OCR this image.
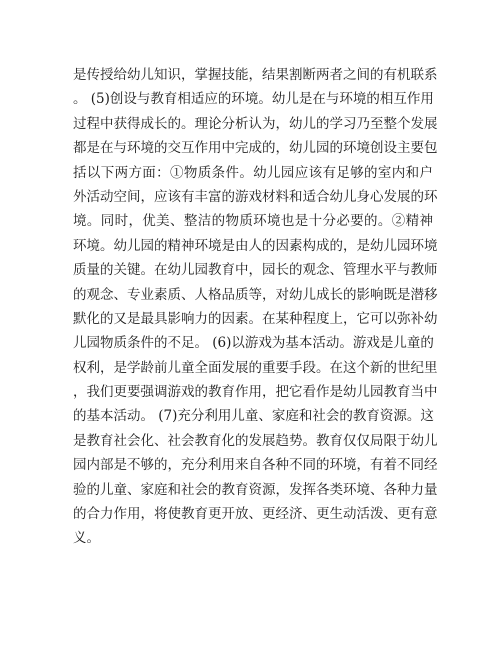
是传授给幼儿知识，掌握技能，结果割断两者之间的有机联系
。 (5)创设与教育相适应的环境。幼儿是在与环境的相互作用
过程中获得成长的。理论分析认为，幼儿的学习乃至整个发展
都是在与环境的交互作用中完成的，幼儿园的环境创设主要包
括以下两方面：①物质条件。幼儿园应该有足够的室内和户
外活动空间，应该有丰富的游戏材料和适合幼儿身心发展的环
境。同时，优美、整洁的物质环境也是十分必要的。②精神
环境。幼儿园的精神环境是由人的因素构成的，是幼儿园环境
质量的关键。在幼儿园教育中，园长的观念、管理水平与教师
的观念、专业素质、人格品质等，对幼儿成长的影响既是潜移
默化的又是最具影响力的因素。在某种程度上，它可以弥补幼
儿园物质条件的不足。 (6)以游戏为基本活动。游戏是儿童的
权利，是学龄前儿童全面发展的重要手段。在这个新的世纪里
，我们更要强调游戏的教育作用，把它看作是幼儿园教育当中
的基本活动。 (7)充分利用儿童、家庭和社会的教育资源。这
是教育社会化、社会教育化的发展趋势。教育仅仅局限于幼儿
园内部是不够的，充分利用来自各种不同的环境，有着不同经
验的儿童、家庭和社会的教育资源，发挥各类环境、各种力量
的合力作用，将使教育更开放、更经济、更生动活泼、更有意
义。
